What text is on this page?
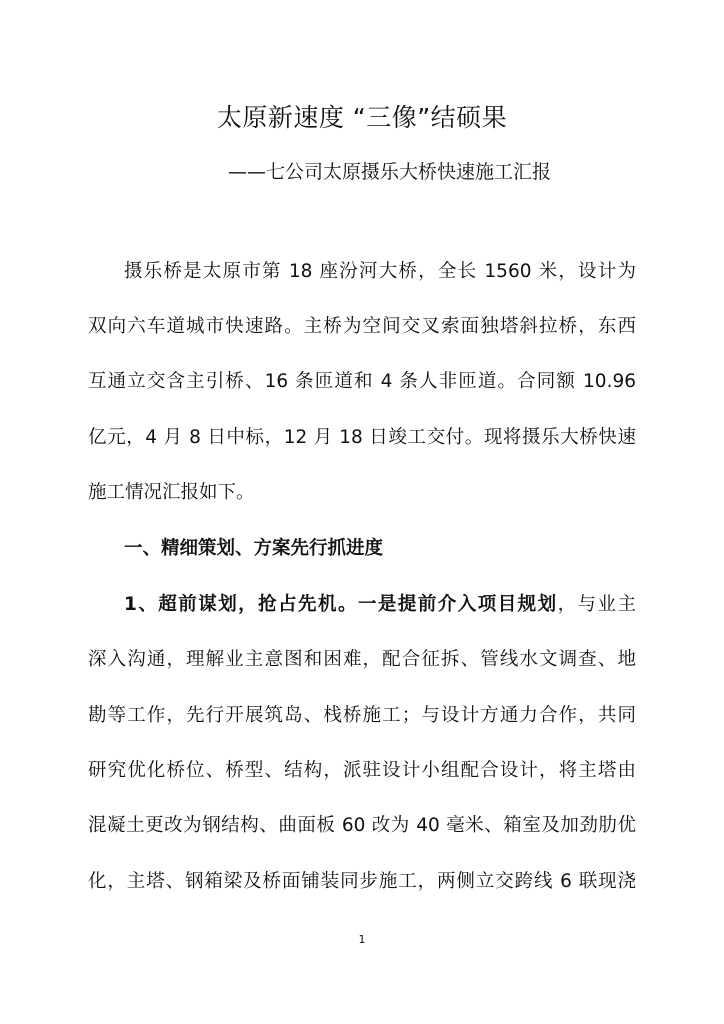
太原新速度 “三像”结硕果
——七公司太原摄乐大桥快速施工汇报
摄乐桥是太原市第 18 座汾河大桥，全长 1560 米，设计为
双向六车道城市快速路。主桥为空间交叉索面独塔斜拉桥，东西
互通立交含主引桥、16 条匝道和 4 条人非匝道。合同额 10.96
亿元，4 月 8 日中标，12 月 18 日竣工交付。现将摄乐大桥快速
施工情况汇报如下。
一、精细策划、方案先行抓进度
1、超前谋划，抢占先机。一是提前介入项目规划，与业主
深入沟通，理解业主意图和困难，配合征拆、管线水文调查、地
勘等工作，先行开展筑岛、栈桥施工；与设计方通力合作，共同
研究优化桥位、桥型、结构，派驻设计小组配合设计，将主塔由
混凝土更改为钢结构、曲面板 60 改为 40 毫米、箱室及加劲肋优
化，主塔、钢箱梁及桥面铺装同步施工，两侧立交跨线 6 联现浇
1
